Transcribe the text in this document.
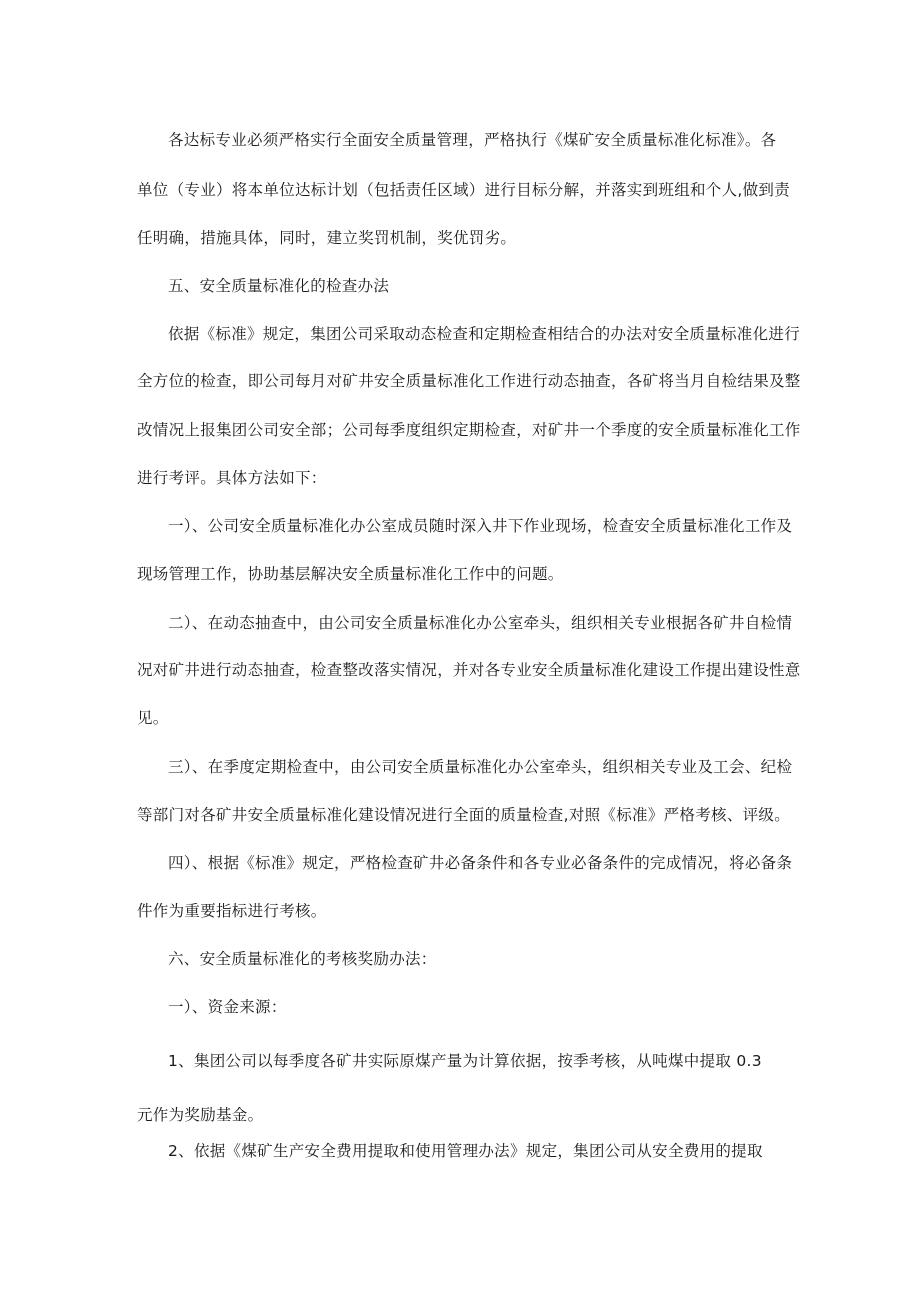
各达标专业必须严格实行全面安全质量管理，严格执行《煤矿安全质量标准化标准》。各
单位（专业）将本单位达标计划（包括责任区域）进行目标分解，并落实到班组和个人,做到责
任明确，措施具体，同时，建立奖罚机制，奖优罚劣。
五、安全质量标准化的检查办法
依据《标准》规定，集团公司采取动态检查和定期检查相结合的办法对安全质量标准化进行
全方位的检查，即公司每月对矿井安全质量标准化工作进行动态抽查，各矿将当月自检结果及整
改情况上报集团公司安全部；公司每季度组织定期检查，对矿井一个季度的安全质量标准化工作
进行考评。具体方法如下：
一）、公司安全质量标准化办公室成员随时深入井下作业现场，检查安全质量标准化工作及
现场管理工作，协助基层解决安全质量标准化工作中的问题。
二）、在动态抽查中，由公司安全质量标准化办公室牵头，组织相关专业根据各矿井自检情
况对矿井进行动态抽查，检查整改落实情况，并对各专业安全质量标准化建设工作提出建设性意
见。
三）、在季度定期检查中，由公司安全质量标准化办公室牵头，组织相关专业及工会、纪检
等部门对各矿井安全质量标准化建设情况进行全面的质量检查,对照《标准》严格考核、评级。
四）、根据《标准》规定，严格检查矿井必备条件和各专业必备条件的完成情况，将必备条
件作为重要指标进行考核。
六、安全质量标准化的考核奖励办法：
一）、资金来源：
1、集团公司以每季度各矿井实际原煤产量为计算依据，按季考核，从吨煤中提取 0.3
元作为奖励基金。
2、依据《煤矿生产安全费用提取和使用管理办法》规定，集团公司从安全费用的提取
